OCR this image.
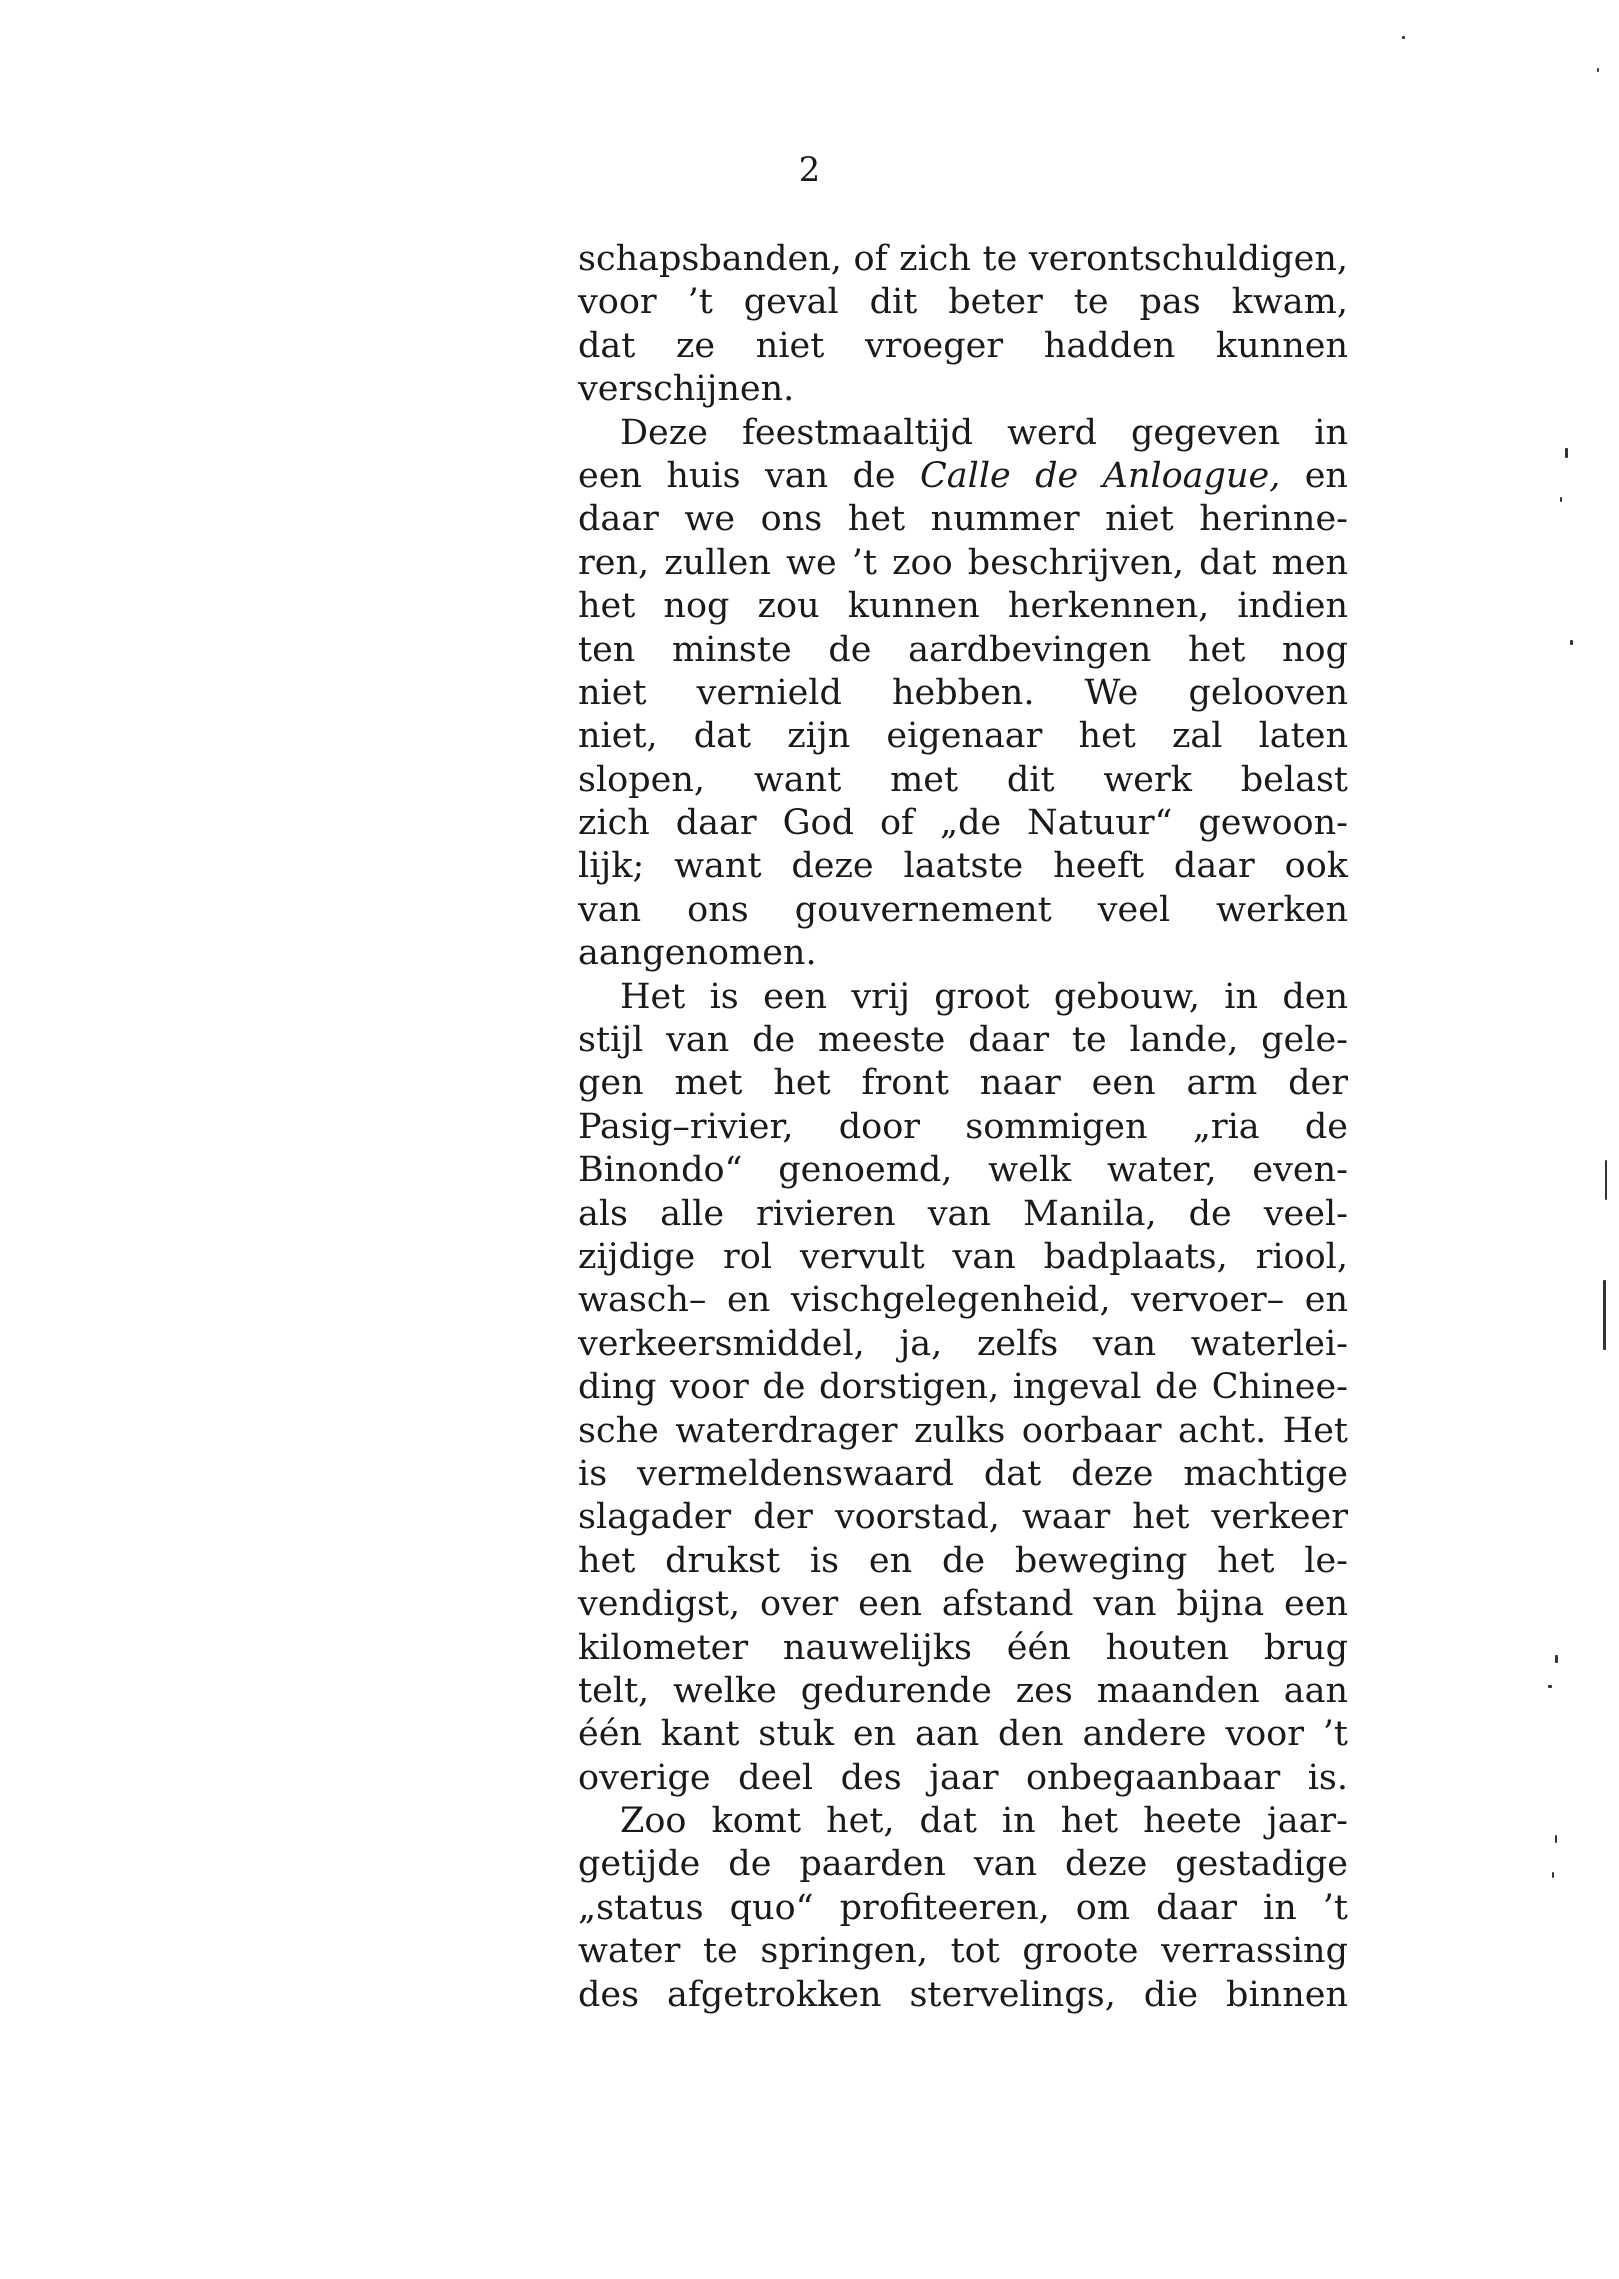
2
schapsbanden, of zich te verontschuldigen,
voor ’t geval dit beter te pas kwam,
dat ze niet vroeger hadden kunnen
verschijnen.
Deze feestmaaltijd werd gegeven in
een huis van de Calle de Anloague, en
daar we ons het nummer niet herinne-
ren, zullen we ’t zoo beschrijven, dat men
het nog zou kunnen herkennen, indien
ten minste de aardbevingen het nog
niet vernield hebben. We gelooven
niet, dat zijn eigenaar het zal laten
slopen, want met dit werk belast
zich daar God of „de Natuur“ gewoon-
lijk; want deze laatste heeft daar ook
van ons gouvernement veel werken
aangenomen.
Het is een vrij groot gebouw, in den
stijl van de meeste daar te lande, gele-
gen met het front naar een arm der
Pasig–rivier, door sommigen „ria de
Binondo“ genoemd, welk water, even-
als alle rivieren van Manila, de veel-
zijdige rol vervult van badplaats, riool,
wasch– en vischgelegenheid, vervoer– en
verkeersmiddel, ja, zelfs van waterlei-
ding voor de dorstigen, ingeval de Chinee-
sche waterdrager zulks oorbaar acht. Het
is vermeldenswaard dat deze machtige
slagader der voorstad, waar het verkeer
het drukst is en de beweging het le-
vendigst, over een afstand van bijna een
kilometer nauwelijks één houten brug
telt, welke gedurende zes maanden aan
één kant stuk en aan den andere voor ’t
overige deel des jaar onbegaanbaar is.
Zoo komt het, dat in het heete jaar-
getijde de paarden van deze gestadige
„status quo“ profiteeren, om daar in ’t
water te springen, tot groote verrassing
des afgetrokken stervelings, die binnen
